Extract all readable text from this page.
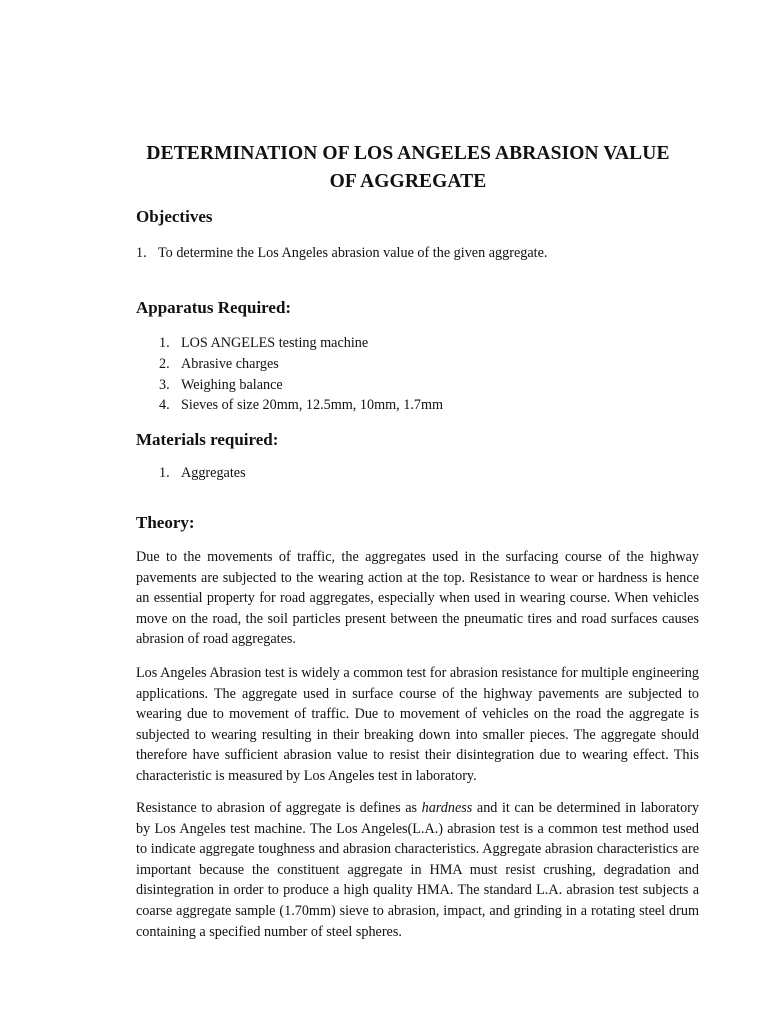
DETERMINATION OF LOS ANGELES ABRASION VALUE
OF AGGREGATE
Objectives
1. To determine the Los Angeles abrasion value of the given aggregate.
Apparatus Required:
1. LOS ANGELES testing machine
2. Abrasive charges
3. Weighing balance
4. Sieves of size 20mm, 12.5mm, 10mm, 1.7mm
Materials required:
1. Aggregates
Theory:

Due to the movements of traffic, the aggregates used in the surfacing course of the highway pavements are subjected to the wearing action at the top. Resistance to wear or hardness is hence an essential property for road aggregates, especially when used in wearing course. When vehicles move on the road, the soil particles present between the pneumatic tires and road surfaces causes abrasion of road aggregates.

Los Angeles Abrasion test is widely a common test for abrasion resistance for multiple engineering applications. The aggregate used in surface course of the highway pavements are subjected to wearing due to movement of traffic. Due to movement of vehicles on the road the aggregate is subjected to wearing resulting in their breaking down into smaller pieces. The aggregate should therefore have sufficient abrasion value to resist their disintegration due to wearing effect. This characteristic is measured by Los Angeles test in laboratory.

Resistance to abrasion of aggregate is defines as hardness and it can be determined in laboratory by Los Angeles test machine. The Los Angeles(L.A.) abrasion test is a common test method used to indicate aggregate toughness and abrasion characteristics. Aggregate abrasion characteristics are important because the constituent aggregate in HMA must resist crushing, degradation and disintegration in order to produce a high quality HMA. The standard L.A. abrasion test subjects a coarse aggregate sample (1.70mm) sieve to abrasion, impact, and grinding in a rotating steel drum containing a specified number of steel spheres.
